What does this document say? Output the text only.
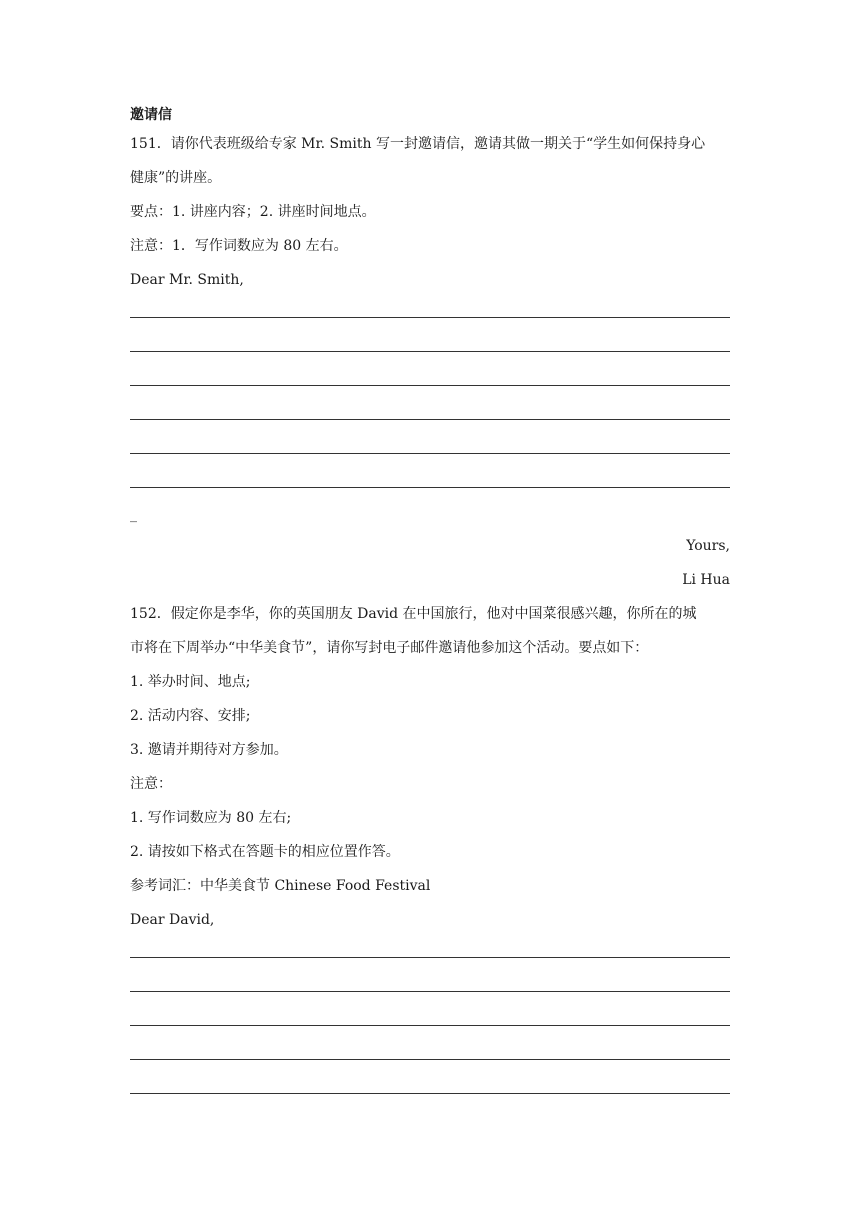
邀请信
151．请你代表班级给专家 Mr. Smith 写一封邀请信，邀请其做一期关于“学生如何保持身心
健康”的讲座。
要点：1. 讲座内容；2. 讲座时间地点。
注意：1．写作词数应为 80 左右。
Dear Mr. Smith,
_
Yours,
Li Hua
152．假定你是李华，你的英国朋友 David 在中国旅行，他对中国菜很感兴趣，你所在的城
市将在下周举办“中华美食节”，请你写封电子邮件邀请他参加这个活动。要点如下：
1. 举办时间、地点;
2. 活动内容、安排;
3. 邀请并期待对方参加。
注意：
1. 写作词数应为 80 左右;
2. 请按如下格式在答题卡的相应位置作答。
参考词汇：中华美食节 Chinese Food Festival
Dear David,
